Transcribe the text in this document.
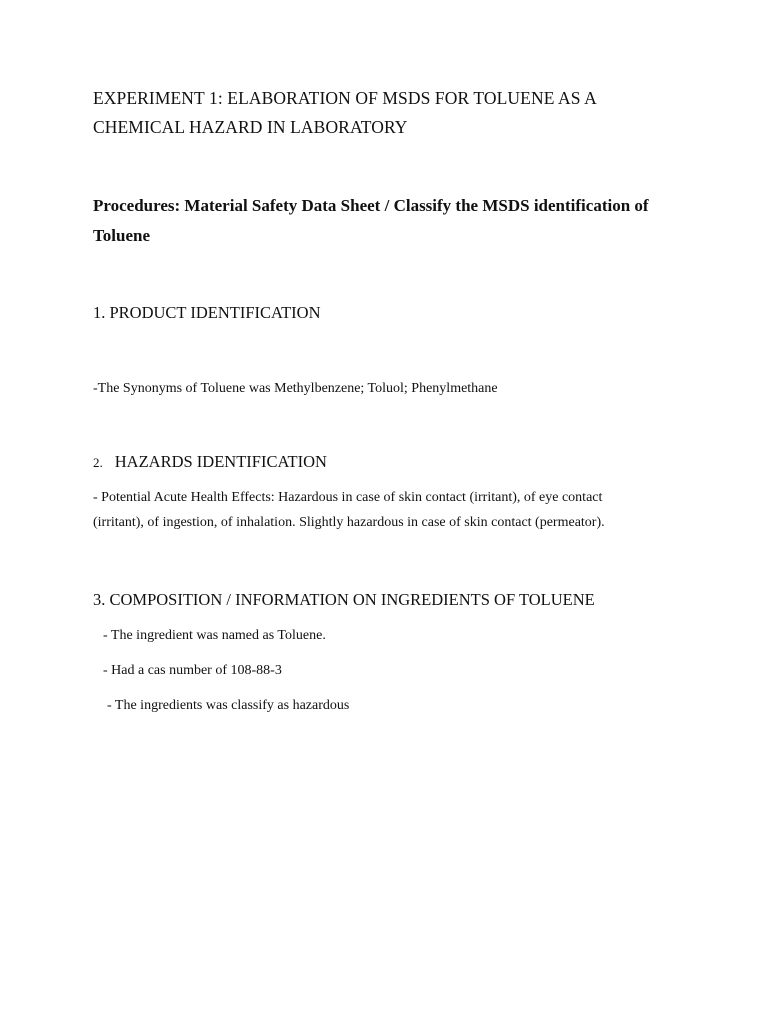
EXPERIMENT 1: ELABORATION OF MSDS FOR TOLUENE AS A
CHEMICAL HAZARD IN LABORATORY
Procedures: Material Safety Data Sheet / Classify the MSDS identification of
Toluene
1. PRODUCT IDENTIFICATION
-The Synonyms of Toluene was Methylbenzene; Toluol; Phenylmethane
2. HAZARDS IDENTIFICATION
- Potential Acute Health Effects: Hazardous in case of skin contact (irritant), of eye contact
(irritant), of ingestion, of inhalation. Slightly hazardous in case of skin contact (permeator).
3. COMPOSITION / INFORMATION ON INGREDIENTS OF TOLUENE
- The ingredient was named as Toluene.
- Had a cas number of 108-88-3
- The ingredients was classify as hazardous
